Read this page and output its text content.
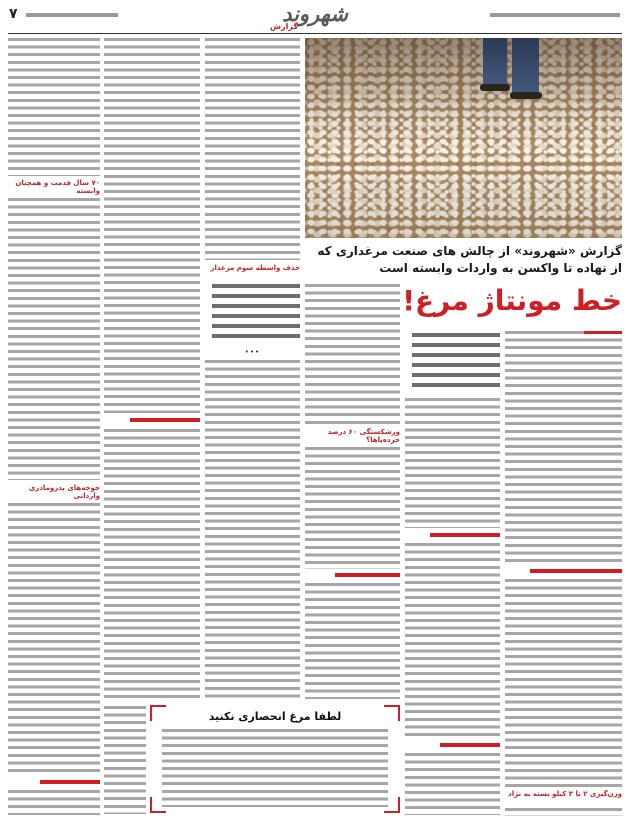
۷	شهروند
گزارش
گزارش «شهروند» از چالش های صنعت مرغداری که از نهاده تا واکسن به واردات وابسته است
خط مونتاژ مرغ!
۷۰ سال قدمت و همچنان وابسته
جوجه‌های پدرومادری وارداتی
حذف واسطه سوم مرغدار
•••
ورشکستگی ۶۰ درصد خرده‌پاها؟
وزن‌گیری ۲ تا ۳ کیلو بسته به نژاد
لطفا مرغ انحصاری نکنید
